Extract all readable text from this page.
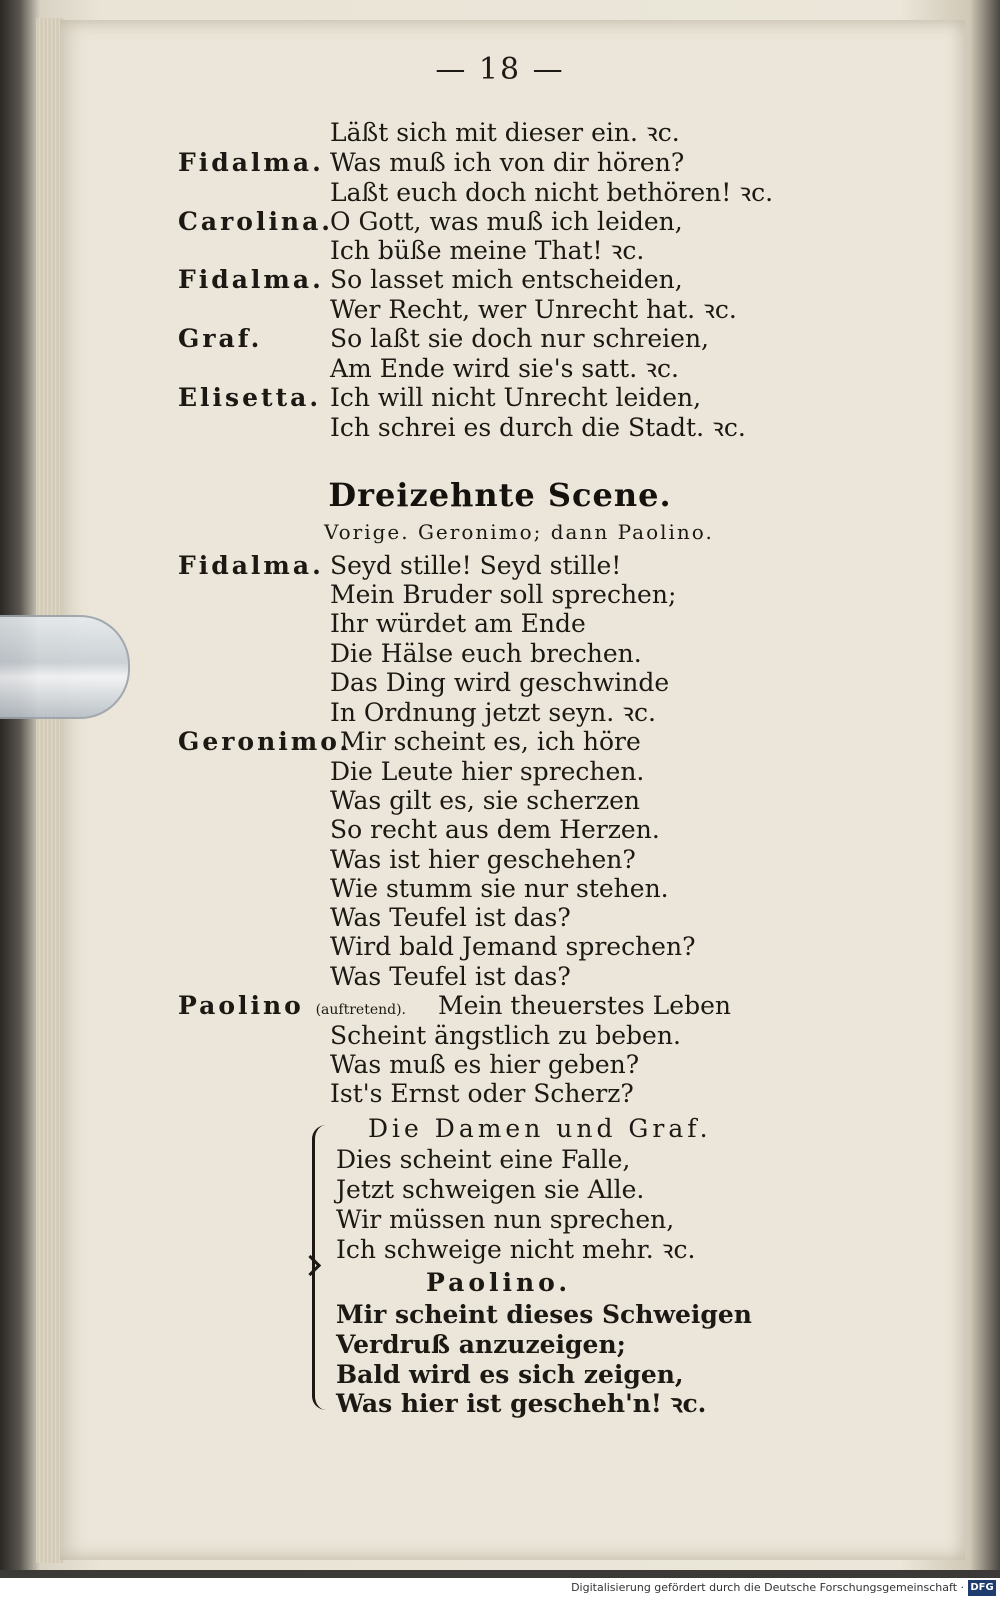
— 18 —
Läßt sich mit dieser ein. ꝛc.
Fidalma. Was muß ich von dir hören?
Laßt euch doch nicht bethören! ꝛc.
Carolina.
O Gott, was muß ich leiden,
Ich büße meine That! ꝛc.
Fidalma. So lasset mich entscheiden,
Wer Recht, wer Unrecht hat. ꝛc.
Graf.	So laßt sie doch nur schreien,
Am Ende wird sie's satt. ꝛc.
Elisetta. Ich will nicht Unrecht leiden,
Ich schrei es durch die Stadt. ꝛc.
Dreizehnte Scene.
Vorige. Geronimo; dann Paolino.
Fidalma. Seyd stille! Seyd stille!
Mein Bruder soll sprechen;
Ihr würdet am Ende
Die Hälse euch brechen.
Das Ding wird geschwinde
In Ordnung jetzt seyn. ꝛc.
Geronimo.
Mir scheint es, ich höre
Die Leute hier sprechen.
Was gilt es, sie scherzen
So recht aus dem Herzen.
Was ist hier geschehen?
Wie stumm sie nur stehen.
Was Teufel ist das?
Wird bald Jemand sprechen?
Was Teufel ist das?
Paolino (auftretend). Mein theuerstes Leben
Scheint ängstlich zu beben.
Was muß es hier geben?
Ist's Ernst oder Scherz?
Die Damen und Graf.
Dies scheint eine Falle,
Jetzt schweigen sie Alle.
Wir müssen nun sprechen,
Ich schweige nicht mehr. ꝛc.
Paolino.
Mir scheint dieses Schweigen
Verdruß anzuzeigen;
Bald wird es sich zeigen,
Was hier ist gescheh'n! ꝛc.
Digitalisierung gefördert durch die Deutsche Forschungsgemeinschaft · DFG
